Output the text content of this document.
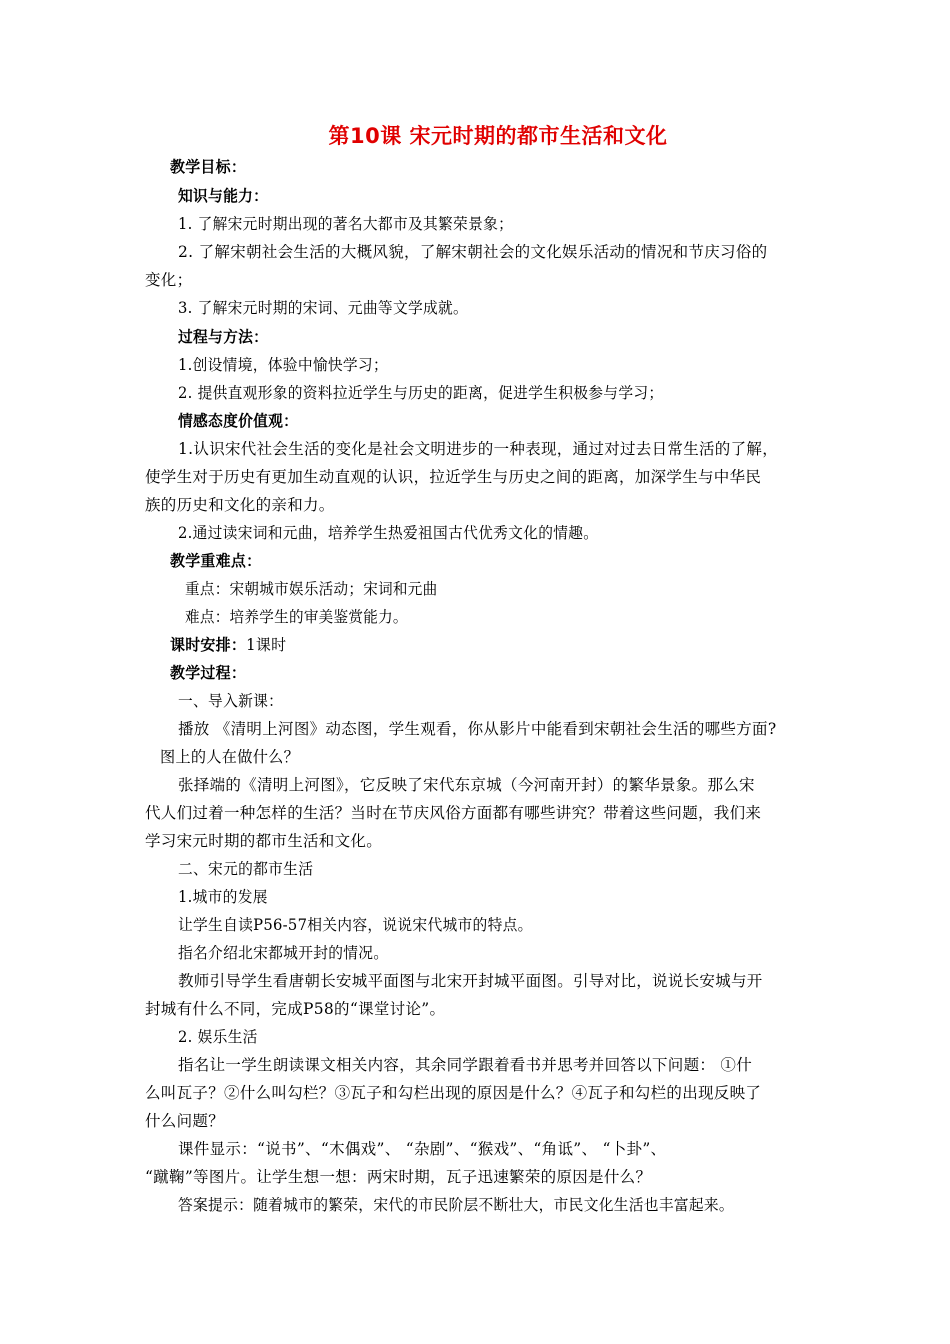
第10课 宋元时期的都市生活和文化
教学目标：
知识与能力：
1. 了解宋元时期出现的著名大都市及其繁荣景象；
2. 了解宋朝社会生活的大概风貌，了解宋朝社会的文化娱乐活动的情况和节庆习俗的
变化；
3. 了解宋元时期的宋词、元曲等文学成就。
过程与方法：
1.创设情境，体验中愉快学习；
2. 提供直观形象的资料拉近学生与历史的距离，促进学生积极参与学习；
情感态度价值观：
1.认识宋代社会生活的变化是社会文明进步的一种表现，通过对过去日常生活的了解，
使学生对于历史有更加生动直观的认识，拉近学生与历史之间的距离，加深学生与中华民
族的历史和文化的亲和力。
2.通过读宋词和元曲，培养学生热爱祖国古代优秀文化的情趣。
教学重难点：
重点：宋朝城市娱乐活动；宋词和元曲
难点：培养学生的审美鉴赏能力。
课时安排：1课时
教学过程：
一、导入新课：
播放 《清明上河图》动态图，学生观看，你从影片中能看到宋朝社会生活的哪些方面?
图上的人在做什么？
张择端的《清明上河图》，它反映了宋代东京城（今河南开封）的繁华景象。那么宋
代人们过着一种怎样的生活？当时在节庆风俗方面都有哪些讲究？带着这些问题，我们来
学习宋元时期的都市生活和文化。
二、宋元的都市生活
1.城市的发展
让学生自读P56-57相关内容，说说宋代城市的特点。
指名介绍北宋都城开封的情况。
教师引导学生看唐朝长安城平面图与北宋开封城平面图。引导对比，说说长安城与开
封城有什么不同，完成P58的“课堂讨论”。
2. 娱乐生活
指名让一学生朗读课文相关内容，其余同学跟着看书并思考并回答以下问题： ①什
么叫瓦子？②什么叫勾栏？③瓦子和勾栏出现的原因是什么？④瓦子和勾栏的出现反映了
什么问题？
课件显示：“说书”、“木偶戏”、 “杂剧”、“猴戏”、“角诋”、 “卜卦”、
“蹴鞠”等图片。让学生想一想：两宋时期，瓦子迅速繁荣的原因是什么？
答案提示：随着城市的繁荣，宋代的市民阶层不断壮大，市民文化生活也丰富起来。
